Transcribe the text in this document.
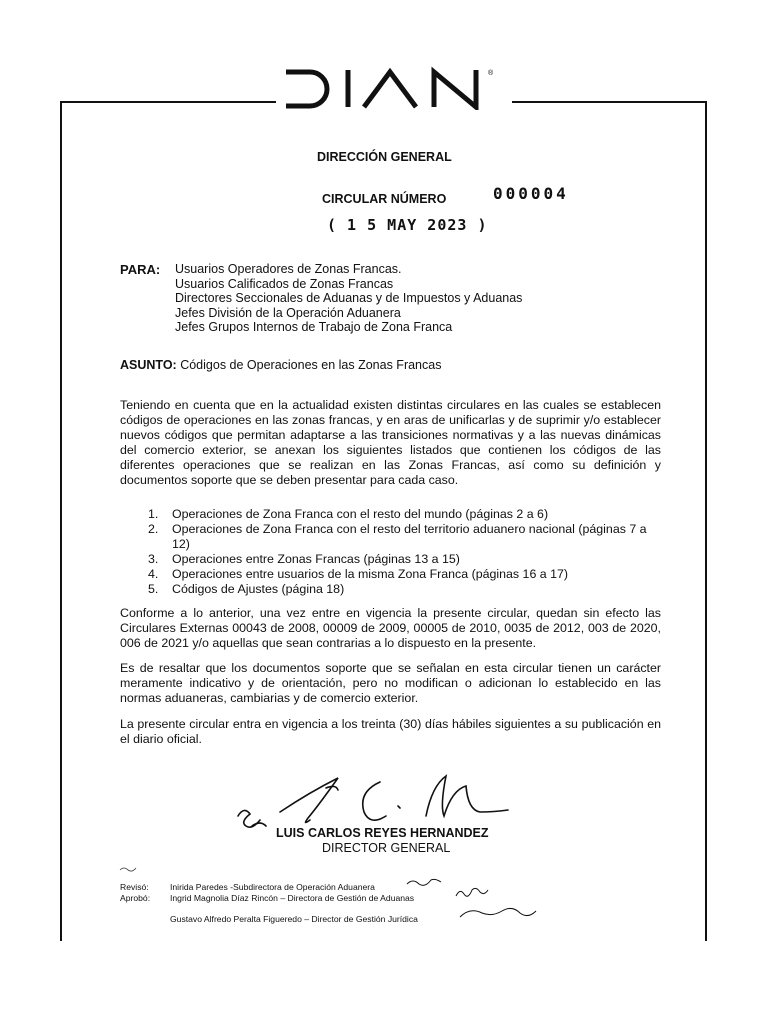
®
DIRECCIÓN GENERAL
CIRCULAR NÚMERO	000004
( 1 5 MAY 2023 )
PARA: Usuarios Operadores de Zonas Francas.
Usuarios Calificados de Zonas Francas
Directores Seccionales de Aduanas y de Impuestos y Aduanas
Jefes División de la Operación Aduanera
Jefes Grupos Internos de Trabajo de Zona Franca
ASUNTO: Códigos de Operaciones en las Zonas Francas
Teniendo en cuenta que en la actualidad existen distintas circulares en las cuales se establecen códigos de operaciones en las zonas francas, y en aras de unificarlas y de suprimir y/o establecer nuevos códigos que permitan adaptarse a las transiciones normativas y a las nuevas dinámicas del comercio exterior, se anexan los siguientes listados que contienen los códigos de las diferentes operaciones que se realizan en las Zonas Francas, así como su definición y documentos soporte que se deben presentar para cada caso.
1.	Operaciones de Zona Franca con el resto del mundo (páginas 2 a 6)
2.	Operaciones de Zona Franca con el resto del territorio aduanero nacional (páginas 7 a 12)
3.	Operaciones entre Zonas Francas (páginas 13 a 15)
4.	Operaciones entre usuarios de la misma Zona Franca (páginas 16 a 17)
5.	Códigos de Ajustes (página 18)
Conforme a lo anterior, una vez entre en vigencia la presente circular, quedan sin efecto las Circulares Externas 00043 de 2008, 00009 de 2009, 00005 de 2010, 0035 de 2012, 003 de 2020, 006 de 2021 y/o aquellas que sean contrarias a lo dispuesto en la presente.
Es de resaltar que los documentos soporte que se señalan en esta circular tienen un carácter meramente indicativo y de orientación, pero no modifican o adicionan lo establecido en las normas aduaneras, cambiarias y de comercio exterior.
La presente circular entra en vigencia a los treinta (30) días hábiles siguientes a su publicación en el diario oficial.
LUIS CARLOS REYES HERNANDEZ
DIRECTOR GENERAL
Revisó: Inirida Paredes -Subdirectora de Operación Aduanera
Aprobó: Ingrid Magnolia Díaz Rincón – Directora de Gestión de Aduanas
Gustavo Alfredo Peralta Figueredo – Director de Gestión Jurídica
